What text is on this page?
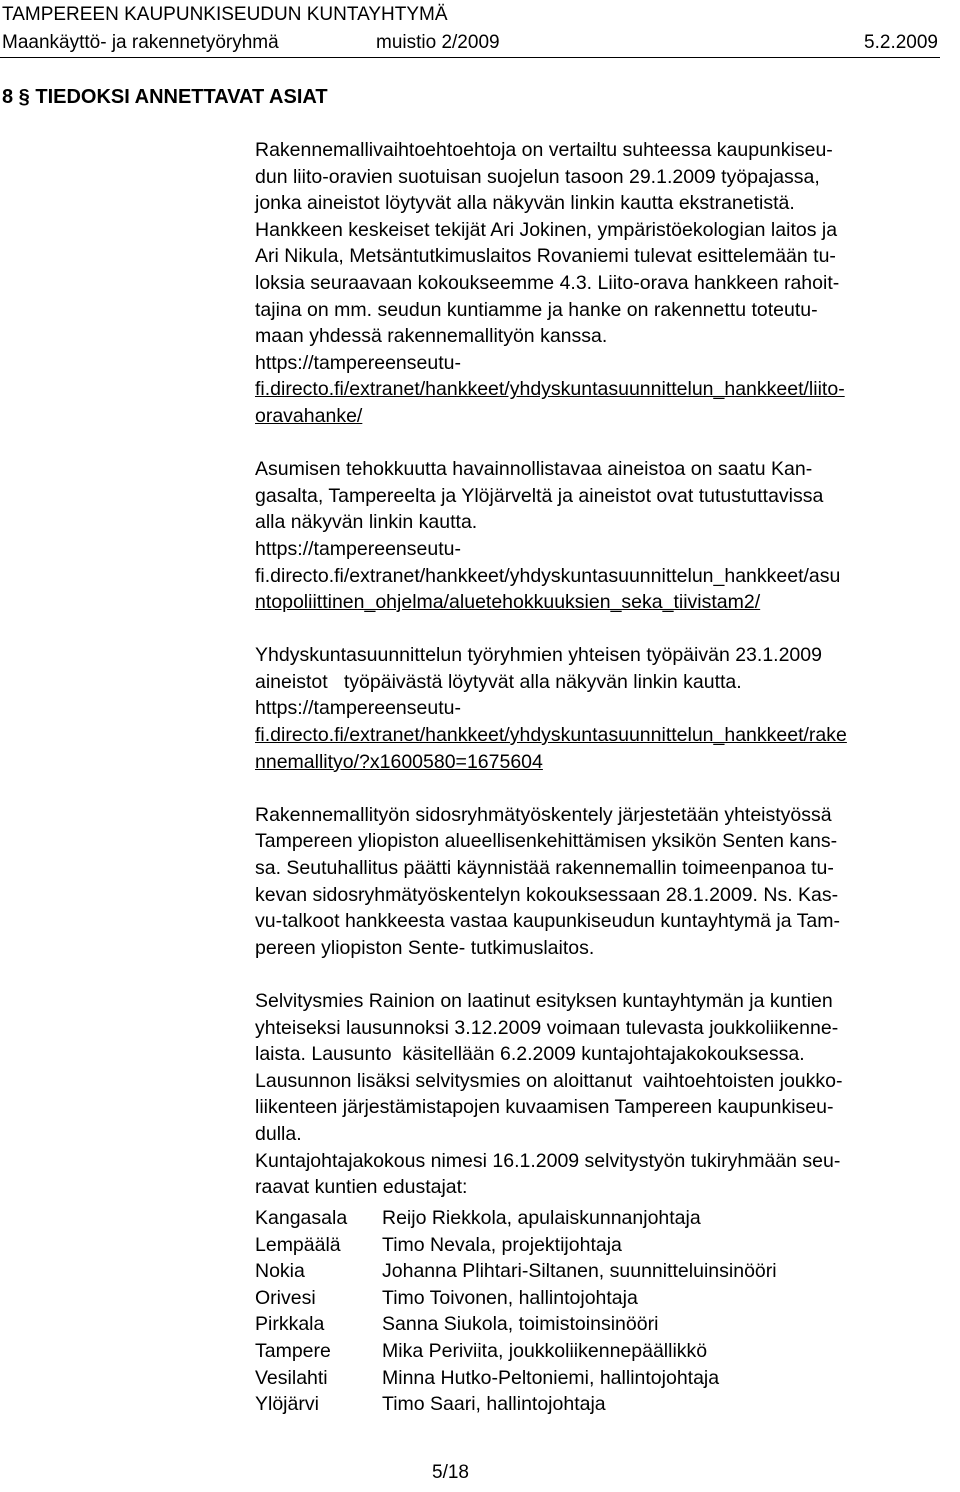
TAMPEREEN KAUPUNKISEUDUN KUNTAYHTYMÄ
Maankäyttö- ja rakennetyöryhmä	muistio 2/2009	5.2.2009
8 § TIEDOKSI ANNETTAVAT ASIAT
Rakennemallivaihtoehtoehtoja on vertailtu suhteessa kaupunkiseu-
dun liito-oravien suotuisan suojelun tasoon 29.1.2009 työpajassa,
jonka aineistot löytyvät alla näkyvän linkin kautta ekstranetistä.
Hankkeen keskeiset tekijät Ari Jokinen, ympäristöekologian laitos ja
Ari Nikula, Metsäntutkimuslaitos Rovaniemi tulevat esittelemään tu-
loksia seuraavaan kokoukseemme 4.3. Liito-orava hankkeen rahoit-
tajina on mm. seudun kuntiamme ja hanke on rakennettu toteutu-
maan yhdessä rakennemallityön kanssa.
https://tampereenseutu-
fi.directo.fi/extranet/hankkeet/yhdyskuntasuunnittelun_hankkeet/liito-
oravahanke/
Asumisen tehokkuutta havainnollistavaa aineistoa on saatu Kan-
gasalta, Tampereelta ja Ylöjärveltä ja aineistot ovat tutustuttavissa
alla näkyvän linkin kautta.
https://tampereenseutu-
fi.directo.fi/extranet/hankkeet/yhdyskuntasuunnittelun_hankkeet/asu
ntopoliittinen_ohjelma/aluetehokkuuksien_seka_tiivistam2/
Yhdyskuntasuunnittelun työryhmien yhteisen työpäivän 23.1.2009
aineistot   työpäivästä löytyvät alla näkyvän linkin kautta.
https://tampereenseutu-
fi.directo.fi/extranet/hankkeet/yhdyskuntasuunnittelun_hankkeet/rake
nnemallityo/?x1600580=1675604
Rakennemallityön sidosryhmätyöskentely järjestetään yhteistyössä
Tampereen yliopiston alueellisenkehittämisen yksikön Senten kans-
sa. Seutuhallitus päätti käynnistää rakennemallin toimeenpanoa tu-
kevan sidosryhmätyöskentelyn kokouksessaan 28.1.2009. Ns. Kas-
vu-talkoot hankkeesta vastaa kaupunkiseudun kuntayhtymä ja Tam-
pereen yliopiston Sente- tutkimuslaitos.
Selvitysmies Rainion on laatinut esityksen kuntayhtymän ja kuntien
yhteiseksi lausunnoksi 3.12.2009 voimaan tulevasta joukkoliikenne-
laista. Lausunto  käsitellään 6.2.2009 kuntajohtajakokouksessa.
Lausunnon lisäksi selvitysmies on aloittanut  vaihtoehtoisten joukko-
liikenteen järjestämistapojen kuvaamisen Tampereen kaupunkiseu-
dulla.
Kuntajohtajakokous nimesi 16.1.2009 selvitystyön tukiryhmään seu-
raavat kuntien edustajat:
Kangasala Reijo Riekkola, apulaiskunnanjohtaja
Lempäälä Timo Nevala, projektijohtaja
Nokia	Johanna Plihtari-Siltanen, suunnitteluinsinööri
Orivesi	Timo Toivonen, hallintojohtaja
Pirkkala	Sanna Siukola, toimistoinsinööri
Tampere	Mika Periviita, joukkoliikennepäällikkö
Vesilahti	Minna Hutko-Peltoniemi, hallintojohtaja
Ylöjärvi	Timo Saari, hallintojohtaja
5/18
